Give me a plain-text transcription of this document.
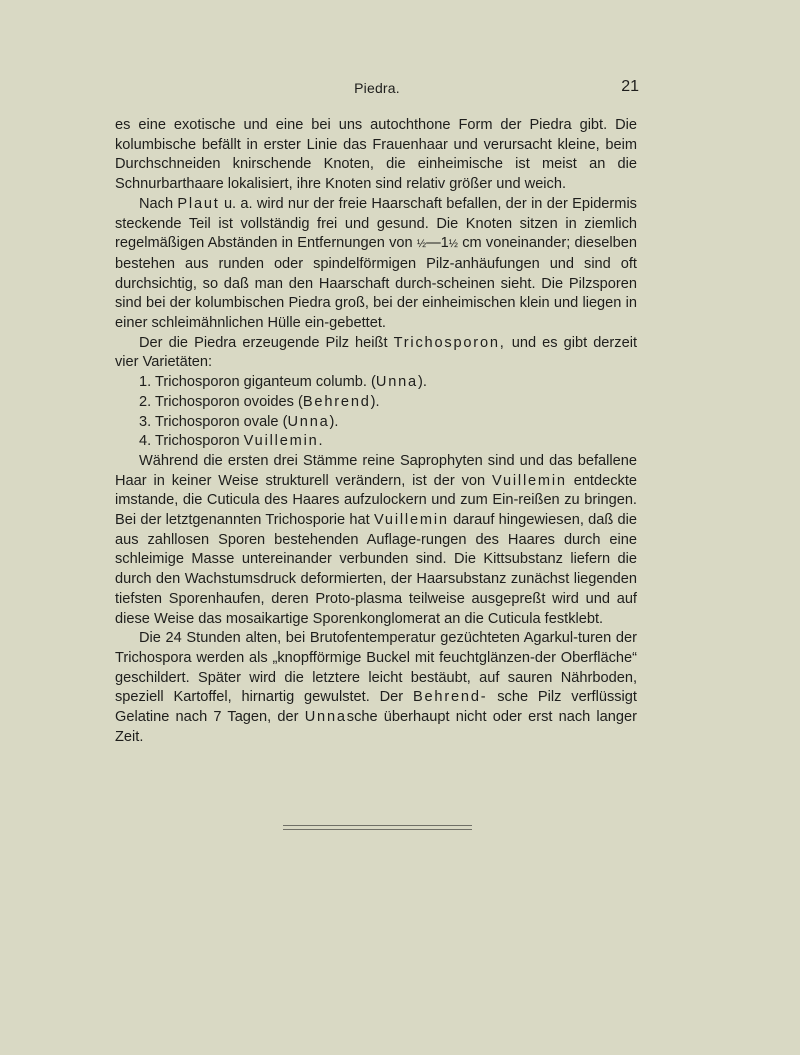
Piedra.	21

es eine exotische und eine bei uns autochthone Form der Piedra gibt. Die kolumbische befällt in erster Linie das Frauenhaar und verursacht kleine, beim Durchschneiden knirschende Knoten, die einheimische ist meist an die Schnurbarthaare lokalisiert, ihre Knoten sind relativ größer und weich.

Nach Plaut u. a. wird nur der freie Haarschaft befallen, der in der Epidermis steckende Teil ist vollständig frei und gesund. Die Knoten sitzen in ziemlich regelmäßigen Abständen in Entfernungen von ½—1½ cm voneinander; dieselben bestehen aus runden oder spindelförmigen Pilz-anhäufungen und sind oft durchsichtig, so daß man den Haarschaft durch-scheinen sieht. Die Pilzsporen sind bei der kolumbischen Piedra groß, bei der einheimischen klein und liegen in einer schleimähnlichen Hülle ein-gebettet.

Der die Piedra erzeugende Pilz heißt Trichosporon, und es gibt derzeit vier Varietäten:

1. Trichosporon giganteum columb. (Unna).
2. Trichosporon ovoides (Behrend).
3. Trichosporon ovale (Unna).
4. Trichosporon Vuillemin.

Während die ersten drei Stämme reine Saprophyten sind und das befallene Haar in keiner Weise strukturell verändern, ist der von Vuillemin entdeckte imstande, die Cuticula des Haares aufzulockern und zum Ein-reißen zu bringen. Bei der letztgenannten Trichosporie hat Vuillemin darauf hingewiesen, daß die aus zahllosen Sporen bestehenden Auflage-rungen des Haares durch eine schleimige Masse untereinander verbunden sind. Die Kittsubstanz liefern die durch den Wachstumsdruck deformierten, der Haarsubstanz zunächst liegenden tiefsten Sporenhaufen, deren Proto-plasma teilweise ausgepreßt wird und auf diese Weise das mosaikartige Sporenkonglomerat an die Cuticula festklebt.

Die 24 Stunden alten, bei Brutofentemperatur gezüchteten Agarkul-turen der Trichospora werden als „knopfförmige Buckel mit feuchtglänzen-der Oberfläche“ geschildert. Später wird die letztere leicht bestäubt, auf sauren Nährboden, speziell Kartoffel, hirnartig gewulstet. Der Behrend- sche Pilz verflüssigt Gelatine nach 7 Tagen, der Unnasche überhaupt nicht oder erst nach langer Zeit.
